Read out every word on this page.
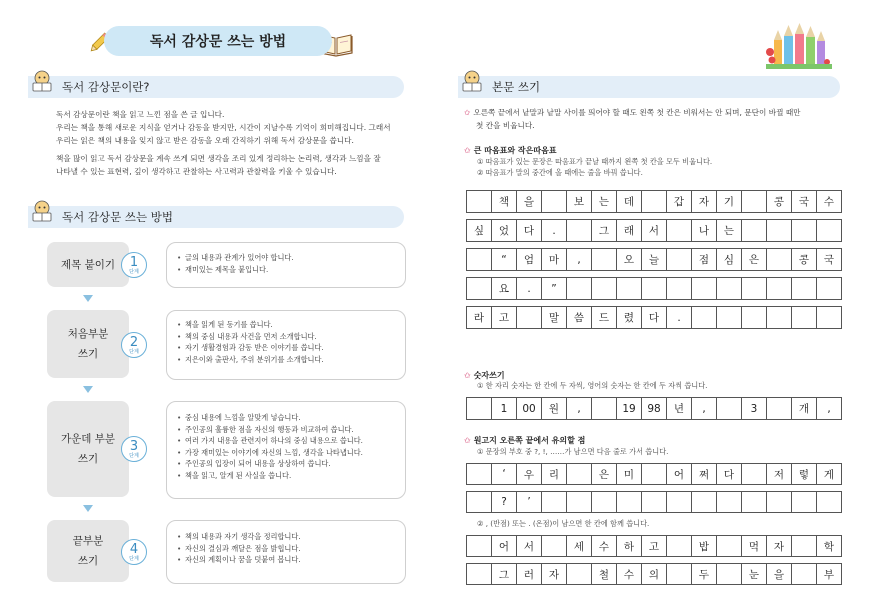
독서 감상문 쓰는 방법
독서 감상문이란?
독서 감상문이란 책을 읽고 느낀 점을 쓴 글 입니다.
우리는 책을 통해 새로운 지식을 얻거나 감동을 받지만, 시간이 지날수록 기억이 희미해집니다. 그래서
우리는 읽은 책의 내용을 잊지 않고 받은 감동을 오래 간직하기 위해 독서 감상문을 씁니다.
책을 많이 읽고 독서 감상문을 계속 쓰게 되면 생각을 조리 있게 정리하는 논리력, 생각과 느낌을 잘
나타낼 수 있는 표현력, 깊이 생각하고 관찰하는 사고력과 관찰력을 키울 수 있습니다.
독서 감상문 쓰는 방법
제목 붙이기 1
단계
• 글의 내용과 관계가 있어야 합니다.
• 재미있는 제목을 붙입니다.
처음부분
쓰기
2
단계
• 책을 읽게 된 동기를 씁니다.
• 책의 중심 내용과 사건을 먼저 소개합니다.
• 자기 생활경험과 감동 받은 이야기를 씁니다.
• 지은이와 출판사, 주위 분위기를 소개합니다.
가운데 부분
쓰기
3
단계
• 중심 내용에 느낌을 알맞게 넣습니다.
• 주인공의 훌륭한 점을 자신의 행동과 비교하여 씁니다.
• 여러 가지 내용을 관련지어 하나의 중심 내용으로 씁니다.
• 가장 재미있는 이야기에 자신의 느낌, 생각을 나타냅니다.
• 주인공의 입장이 되어 내용을 상상하여 씁니다.
• 책을 읽고, 알게 된 사실을 씁니다.
끝부분
쓰기
4
단계
• 책의 내용과 자기 생각을 정리합니다.
• 자신의 결심과 깨달은 점을 밝힙니다.
• 자신의 계획이나 꿈을 덧붙여 봅니다.
본문 쓰기
✩ 오른쪽 끝에서 낱말과 낱말 사이를 띄어야 할 때도 왼쪽 첫 칸은 비워서는 안 되며, 문단이 바뀔 때만
첫 칸을 비웁니다.
✩ 큰 따옴표와 작은따옴표
① 따옴표가 있는 문장은 따옴표가 끝날 때까지 왼쪽 첫 칸을 모두 비웁니다.
② 따옴표가 말의 중간에 올 때에는 줄을 바꿔 씁니다.
	책	을		보	는	데		갑	자	기		콩	국	수

싶	었	다	.		그	래	서		나	는				

	“	엄	마	,		오	늘		점	심	은		콩	국

	요	.	”											

라	고		말	씀	드	렸	다	.						
✩ 숫자쓰기
① 한 자리 숫자는 한 칸에 두 자씩, 영어의 숫자는 한 칸에 두 자씩 씁니다.
	1	00	원	,		19	98	년	,		3		개	,
✩ 원고지 오른쪽 끝에서 유의할 점
① 문장의 부호 중 ?, !, ……가 남으면 다음 줄로 가서 씁니다.
	‘	우	리		은	미		어	쩌	다		저	렇	게

	?	’												
② , (반점) 또는 . (온점)이 남으면 한 칸에 함께 씁니다.
	어	서		세	수	하	고		밥		먹	자		학

	그	러	자		철	수	의		두		눈	을		부
